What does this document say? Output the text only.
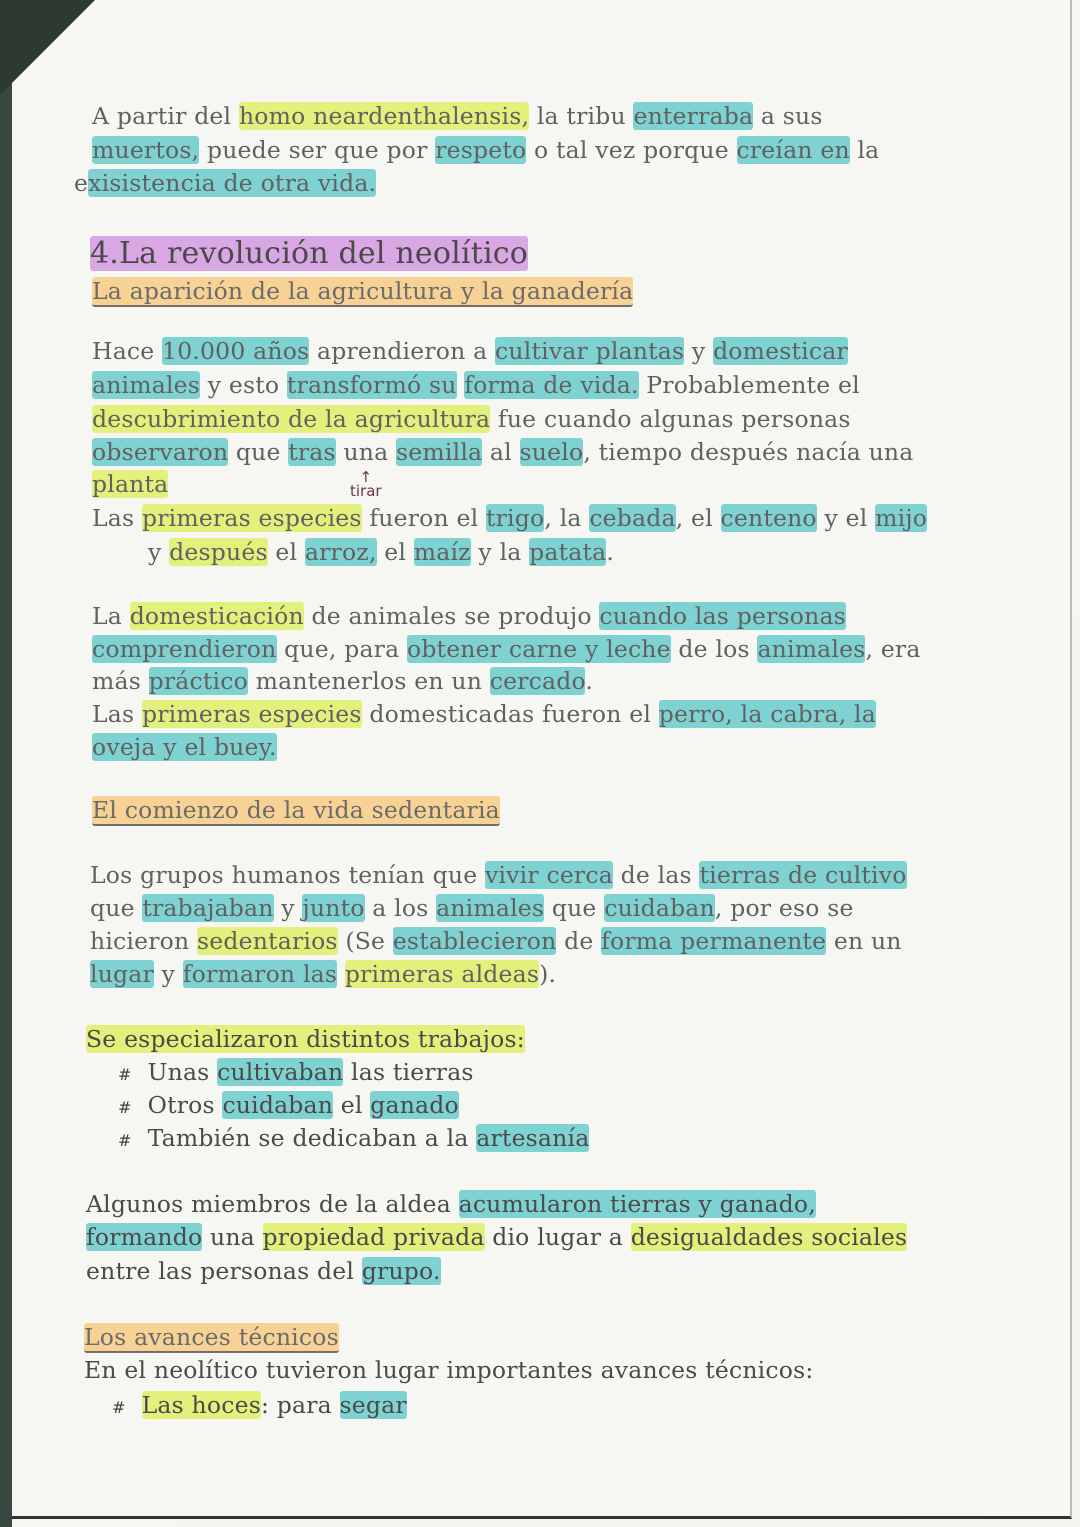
↑
tirar
A partir del homo neardenthalensis, la tribu enterraba a sus
muertos, puede ser que por respeto o tal vez porque creían en la
exisistencia de otra vida.
4.La revolución del neolítico
La aparición de la agricultura y la ganadería
Hace 10.000 años aprendieron a cultivar plantas y domesticar
animales y esto transformó su forma de vida. Probablemente el
descubrimiento de la agricultura fue cuando algunas personas
observaron que tras una semilla al suelo, tiempo después nacía una
planta
Las primeras especies fueron el trigo, la cebada, el centeno y el mijo
y después el arroz, el maíz y la patata.
La domesticación de animales se produjo cuando las personas
comprendieron que, para obtener carne y leche de los animales, era
más práctico mantenerlos en un cercado.
Las primeras especies domesticadas fueron el perro, la cabra, la
oveja y el buey.
El comienzo de la vida sedentaria
Los grupos humanos tenían que vivir cerca de las tierras de cultivo
que trabajaban y junto a los animales que cuidaban, por eso se
hicieron sedentarios (Se establecieron de forma permanente en un
lugar y formaron las primeras aldeas).
Se especializaron distintos trabajos:
# Unas cultivaban las tierras
# Otros cuidaban el ganado
# También se dedicaban a la artesanía
Algunos miembros de la aldea acumularon tierras y ganado,
formando una propiedad privada dio lugar a desigualdades sociales
entre las personas del grupo.
Los avances técnicos
En el neolítico tuvieron lugar importantes avances técnicos:
# Las hoces: para segar
